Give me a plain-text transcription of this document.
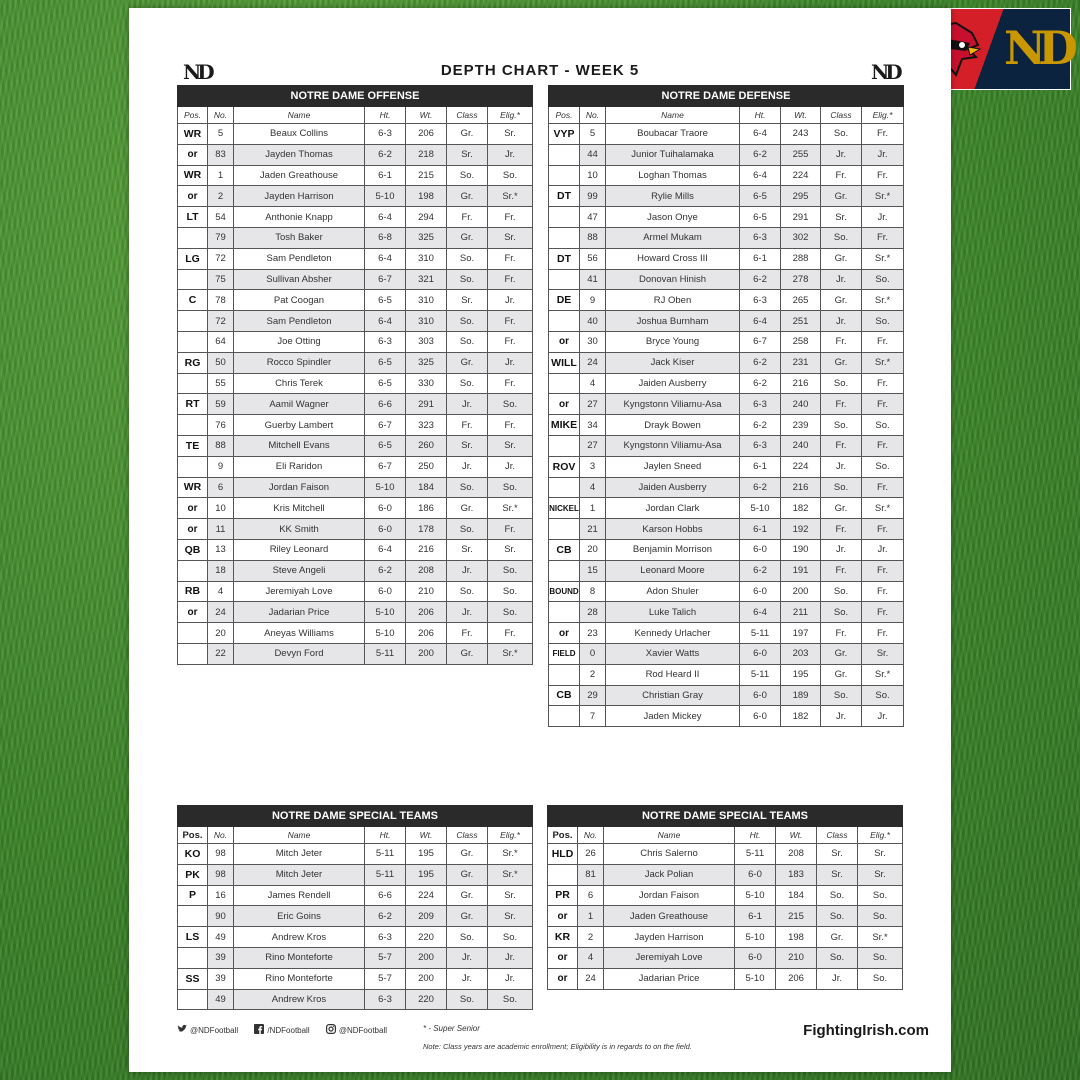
ND
ND	DEPTH CHART - WEEK 5	ND
NOTRE DAME OFFENSE						
Pos.	No.	Name	Ht.	Wt.	Class	Elig.*
WR	5	Beaux Collins	6-3	206	Gr.	Sr.
or	83	Jayden Thomas	6-2	218	Sr.	Jr.
WR	1	Jaden Greathouse	6-1	215	So.	So.
or	2	Jayden Harrison	5-10	198	Gr.	Sr.*
LT	54	Anthonie Knapp	6-4	294	Fr.	Fr.
	79	Tosh Baker	6-8	325	Gr.	Sr.
LG	72	Sam Pendleton	6-4	310	So.	Fr.
	75	Sullivan Absher	6-7	321	So.	Fr.
C	78	Pat Coogan	6-5	310	Sr.	Jr.
	72	Sam Pendleton	6-4	310	So.	Fr.
	64	Joe Otting	6-3	303	So.	Fr.
RG	50	Rocco Spindler	6-5	325	Gr.	Jr.
	55	Chris Terek	6-5	330	So.	Fr.
RT	59	Aamil Wagner	6-6	291	Jr.	So.
	76	Guerby Lambert	6-7	323	Fr.	Fr.
TE	88	Mitchell Evans	6-5	260	Sr.	Sr.
	9	Eli Raridon	6-7	250	Jr.	Jr.
WR	6	Jordan Faison	5-10	184	So.	So.
or	10	Kris Mitchell	6-0	186	Gr.	Sr.*
or	11	KK Smith	6-0	178	So.	Fr.
QB	13	Riley Leonard	6-4	216	Sr.	Sr.
	18	Steve Angeli	6-2	208	Jr.	So.
RB	4	Jeremiyah Love	6-0	210	So.	So.
or	24	Jadarian Price	5-10	206	Jr.	So.
	20	Aneyas Williams	5-10	206	Fr.	Fr.
	22	Devyn Ford	5-11	200	Gr.	Sr.*
NOTRE DAME DEFENSE						
Pos.	No.	Name	Ht.	Wt.	Class	Elig.*
VYP	5	Boubacar Traore	6-4	243	So.	Fr.
	44	Junior Tuihalamaka	6-2	255	Jr.	Jr.
	10	Loghan Thomas	6-4	224	Fr.	Fr.
DT	99	Rylie Mills	6-5	295	Gr.	Sr.*
	47	Jason Onye	6-5	291	Sr.	Jr.
	88	Armel Mukam	6-3	302	So.	Fr.
DT	56	Howard Cross III	6-1	288	Gr.	Sr.*
	41	Donovan Hinish	6-2	278	Jr.	So.
DE	9	RJ Oben	6-3	265	Gr.	Sr.*
	40	Joshua Burnham	6-4	251	Jr.	So.
or	30	Bryce Young	6-7	258	Fr.	Fr.
WILL	24	Jack Kiser	6-2	231	Gr.	Sr.*
	4	Jaiden Ausberry	6-2	216	So.	Fr.
or	27	Kyngstonn Viliamu-Asa	6-3	240	Fr.	Fr.
MIKE	34	Drayk Bowen	6-2	239	So.	So.
	27	Kyngstonn Viliamu-Asa	6-3	240	Fr.	Fr.
ROV	3	Jaylen Sneed	6-1	224	Jr.	So.
	4	Jaiden Ausberry	6-2	216	So.	Fr.
NICKEL	1	Jordan Clark	5-10	182	Gr.	Sr.*
	21	Karson Hobbs	6-1	192	Fr.	Fr.
CB	20	Benjamin Morrison	6-0	190	Jr.	Jr.
	15	Leonard Moore	6-2	191	Fr.	Fr.
BOUND	8	Adon Shuler	6-0	200	So.	Fr.
	28	Luke Talich	6-4	211	So.	Fr.
or	23	Kennedy Urlacher	5-11	197	Fr.	Fr.
FIELD	0	Xavier Watts	6-0	203	Gr.	Sr.
	2	Rod Heard II	5-11	195	Gr.	Sr.*
CB	29	Christian Gray	6-0	189	So.	So.
	7	Jaden Mickey	6-0	182	Jr.	Jr.
NOTRE DAME SPECIAL TEAMS						
Pos.	No.	Name	Ht.	Wt.	Class	Elig.*
KO	98	Mitch Jeter	5-11	195	Gr.	Sr.*
PK	98	Mitch Jeter	5-11	195	Gr.	Sr.*
P	16	James Rendell	6-6	224	Gr.	Sr.
	90	Eric Goins	6-2	209	Gr.	Sr.
LS	49	Andrew Kros	6-3	220	So.	So.
	39	Rino Monteforte	5-7	200	Jr.	Jr.
SS	39	Rino Monteforte	5-7	200	Jr.	Jr.
	49	Andrew Kros	6-3	220	So.	So.
NOTRE DAME SPECIAL TEAMS						
Pos.	No.	Name	Ht.	Wt.	Class	Elig.*
HLD	26	Chris Salerno	5-11	208	Sr.	Sr.
	81	Jack Polian	6-0	183	Sr.	Sr.
PR	6	Jordan Faison	5-10	184	So.	So.
or	1	Jaden Greathouse	6-1	215	So.	So.
KR	2	Jayden Harrison	5-10	198	Gr.	Sr.*
or	4	Jeremiyah Love	6-0	210	So.	So.
or	24	Jadarian Price	5-10	206	Jr.	So.
@NDFootball	/NDFootball	@NDFootball	* - Super Senior
Note: Class years are academic enrollment; Eligibility is in regards to on the field.
FightingIrish.com
